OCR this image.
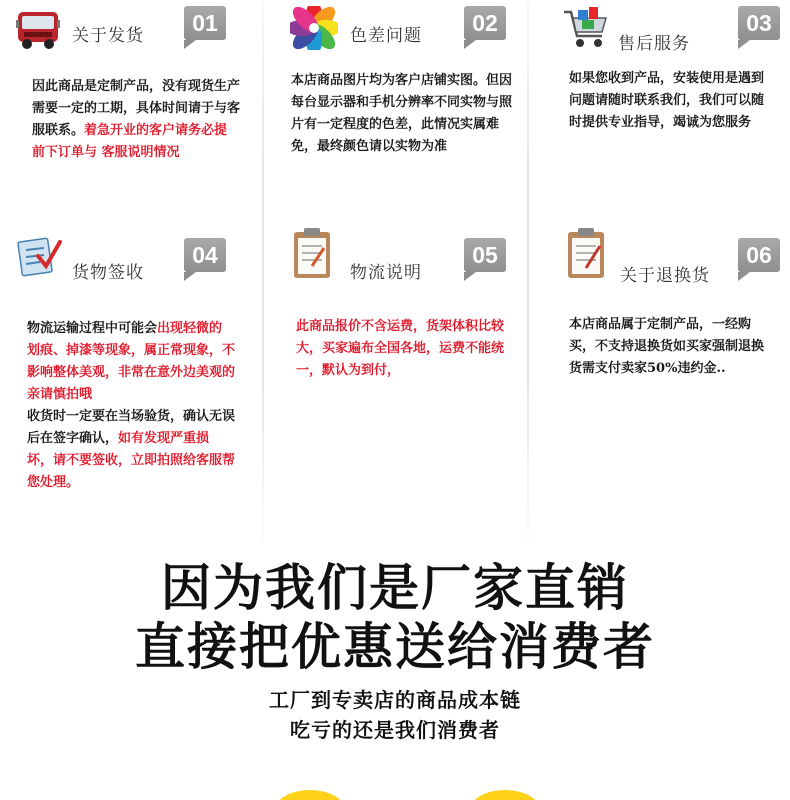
关于发货	01
因此商品是定制产品，没有现货生产需要一定的工期，具体时间请于与客服联系。着急开业的客户请务必提前下订单与 客服说明情况
色差问题	02
本店商品图片均为客户店铺实图。但因每台显示器和手机分辨率不同实物与照片有一定程度的色差，此情况实属难免，最终颜色请以实物为准
售后服务
03
如果您收到产品，安装使用是遇到问题请随时联系我们，我们可以随时提供专业指导，竭诚为您服务
货物签收
04
物流运输过程中可能会出现轻微的划痕、掉漆等现象，属正常现象，不影响整体美观，非常在意外边美观的亲请慎拍哦
收货时一定要在当场验货，确认无误后在签字确认，如有发现严重损坏，请不要签收，立即拍照给客服帮您处理。
物流说明
05
此商品报价不含运费，货架体积比较大，买家遍布全国各地，运费不能统一，默认为到付，
关于退换货
06
本店商品属于定制产品，一经购买，不支持退换货如买家强制退换货需支付卖家50%违约金..
因为我们是厂家直销
直接把优惠送给消费者
工厂到专卖店的商品成本链
吃亏的还是我们消费者
